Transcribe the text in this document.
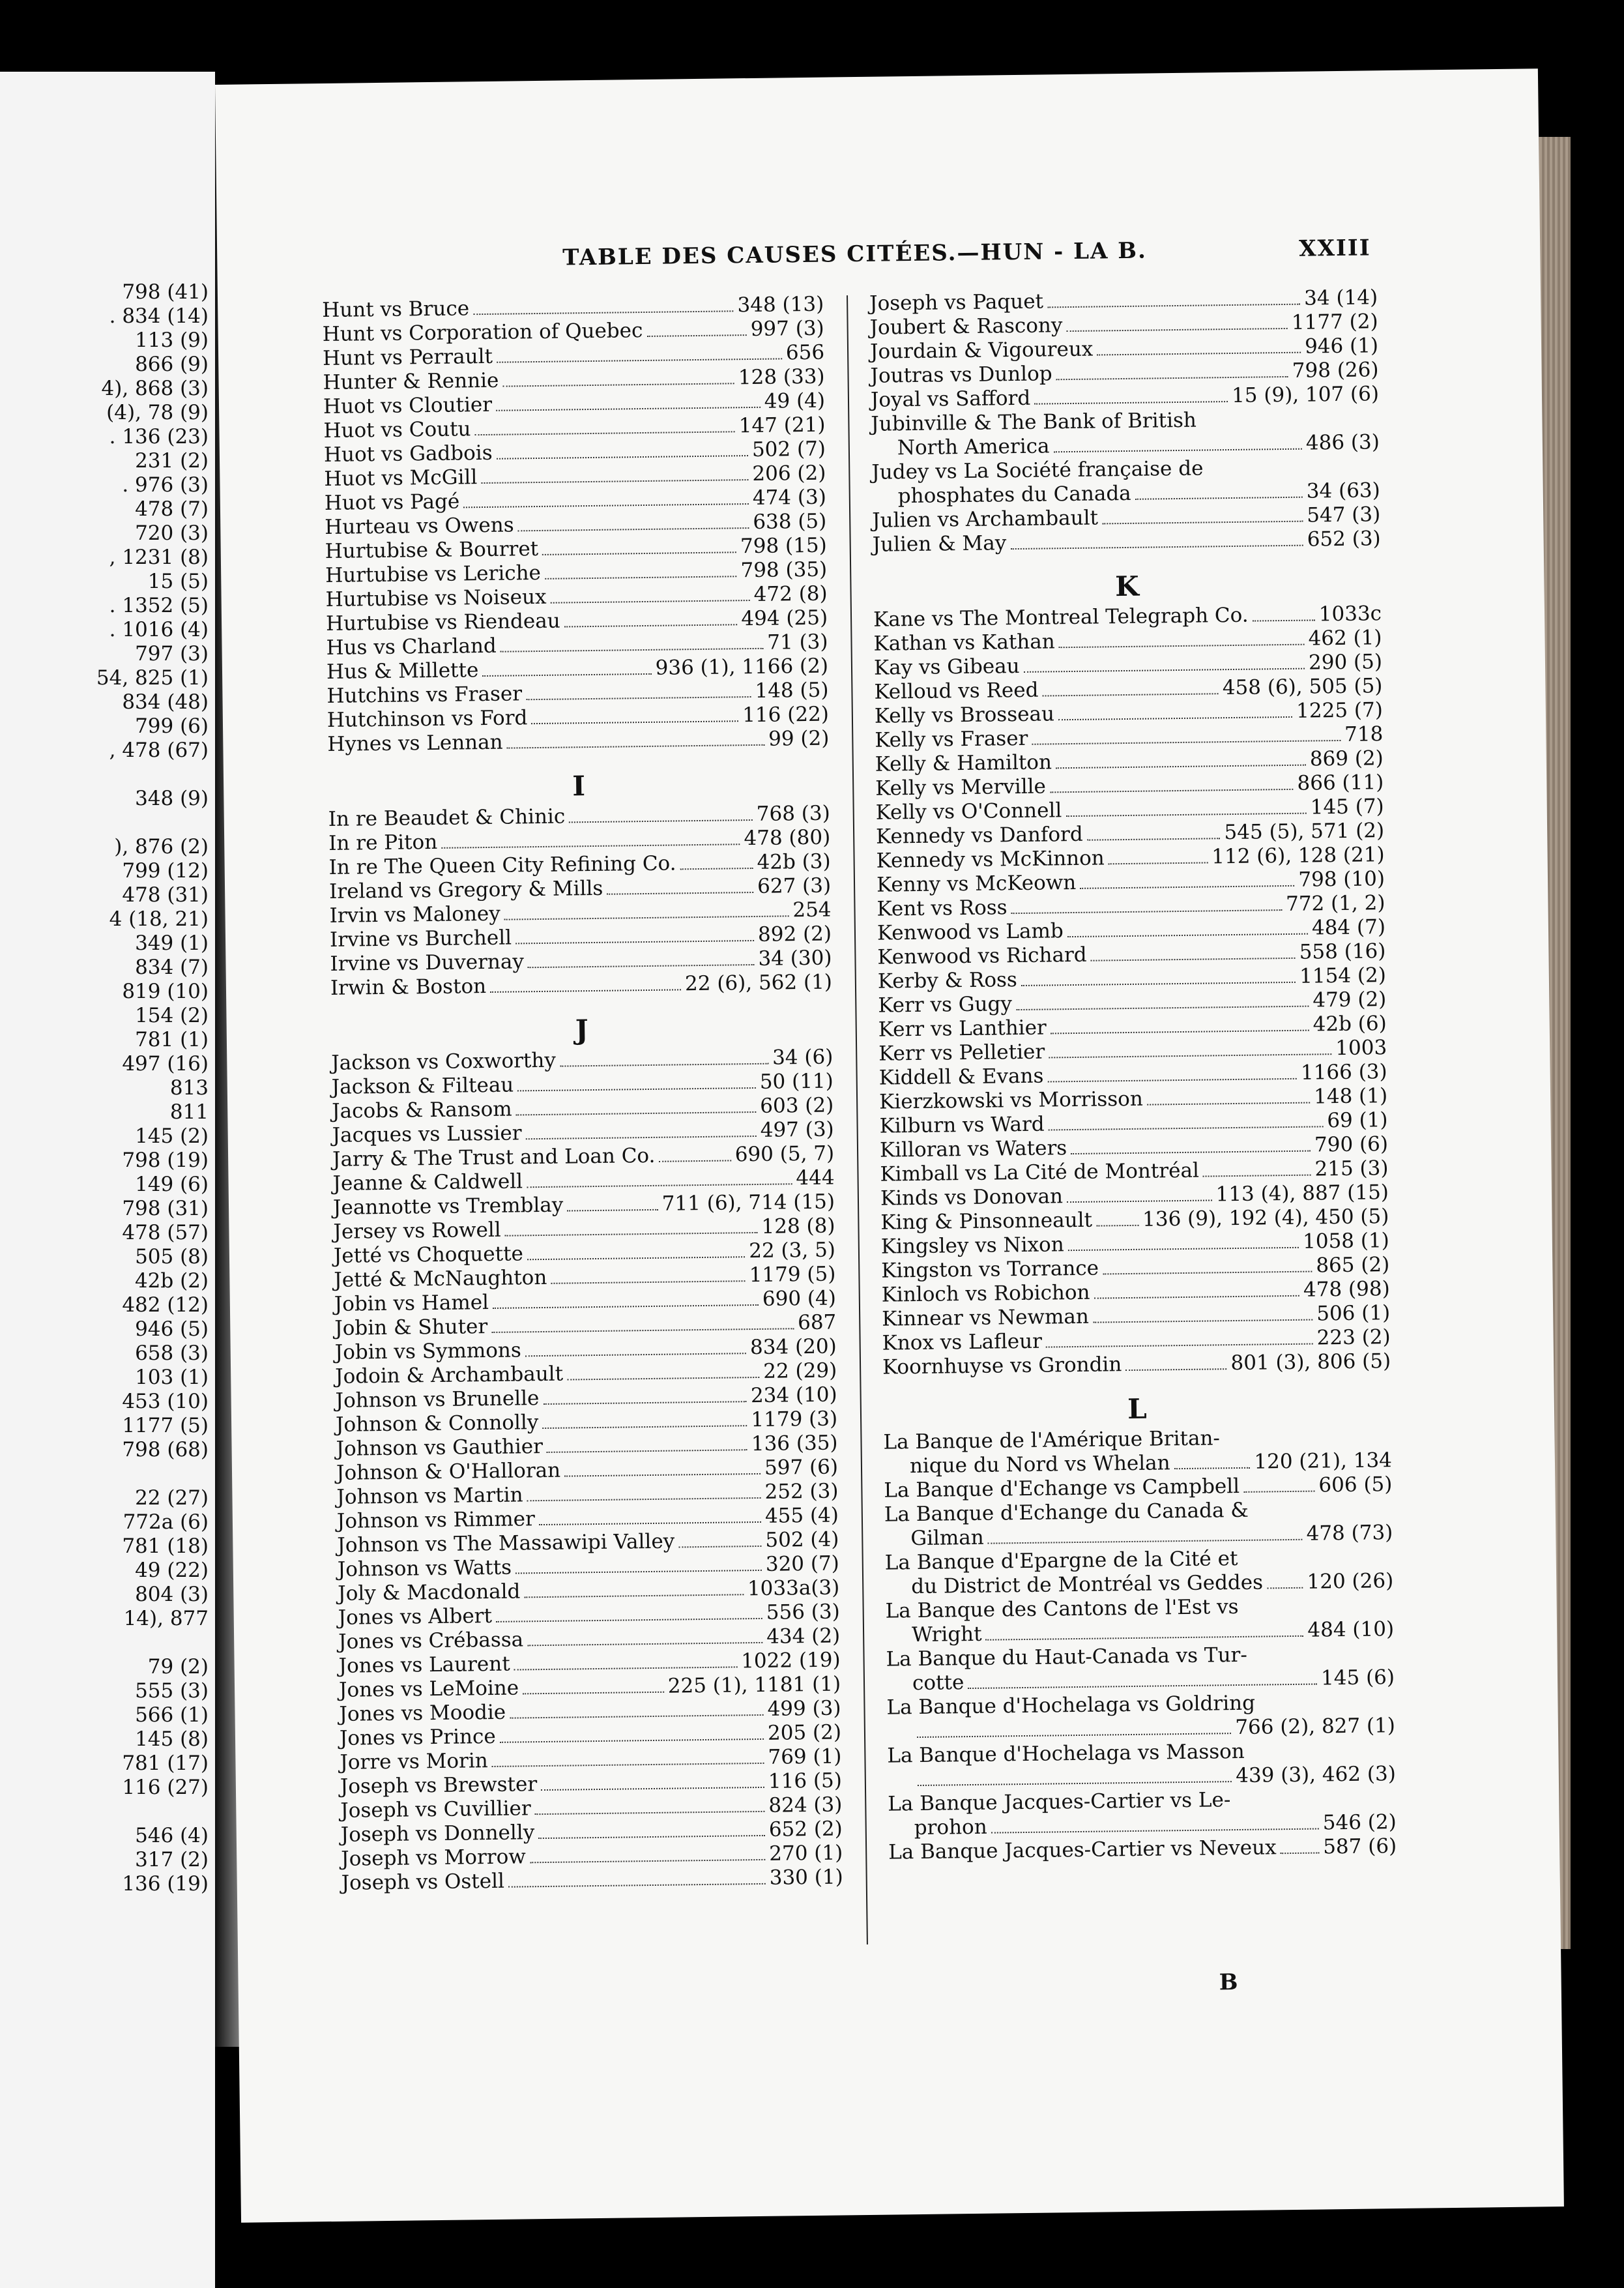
798 (41)
. 834 (14)
113 (9)
866 (9)
4), 868 (3)
(4), 78 (9)
. 136 (23)
231 (2)
. 976 (3)
478 (7)
720 (3)
, 1231 (8)
15 (5)
. 1352 (5)
. 1016 (4)
797 (3)
54, 825 (1)
834 (48)
799 (6)
, 478 (67)
348 (9)
), 876 (2)
799 (12)
478 (31)
4 (18, 21)
349 (1)
834 (7)
819 (10)
154 (2)
781 (1)
497 (16)
813
811
145 (2)
798 (19)
149 (6)
798 (31)
478 (57)
505 (8)
42b (2)
482 (12)
946 (5)
658 (3)
103 (1)
453 (10)
1177 (5)
798 (68)
22 (27)
772a (6)
781 (18)
49 (22)
804 (3)
14), 877
79 (2)
555 (3)
566 (1)
145 (8)
781 (17)
116 (27)
546 (4)
317 (2)
136 (19)
TABLE DES CAUSES CITÉES.—HUN - LA B.	XXIII
Hunt vs Bruce	348 (13)
Hunt vs Corporation of Quebec	997 (3)
Hunt vs Perrault	656
Hunter & Rennie	128 (33)
Huot vs Cloutier	49 (4)
Huot vs Coutu	147 (21)
Huot vs Gadbois	502 (7)
Huot vs McGill	206 (2)
Huot vs Pagé	474 (3)
Hurteau vs Owens	638 (5)
Hurtubise & Bourret	798 (15)
Hurtubise vs Leriche	798 (35)
Hurtubise vs Noiseux	472 (8)
Hurtubise vs Riendeau	494 (25)
Hus vs Charland	71 (3)
Hus & Millette	936 (1), 1166 (2)
Hutchins vs Fraser	148 (5)
Hutchinson vs Ford	116 (22)
Hynes vs Lennan	99 (2)
I
In re Beaudet & Chinic	768 (3)
In re Piton	478 (80)
In re The Queen City Refining Co.	42b (3)
Ireland vs Gregory & Mills	627 (3)
Irvin vs Maloney	254
Irvine vs Burchell	892 (2)
Irvine vs Duvernay	34 (30)
Irwin & Boston	22 (6), 562 (1)
J
Jackson vs Coxworthy	34 (6)
Jackson & Filteau	50 (11)
Jacobs & Ransom	603 (2)
Jacques vs Lussier	497 (3)
Jarry & The Trust and Loan Co.	690 (5, 7)
Jeanne & Caldwell	444
Jeannotte vs Tremblay	711 (6), 714 (15)
Jersey vs Rowell	128 (8)
Jetté vs Choquette	22 (3, 5)
Jetté & McNaughton	1179 (5)
Jobin vs Hamel	690 (4)
Jobin & Shuter	687
Jobin vs Symmons	834 (20)
Jodoin & Archambault	22 (29)
Johnson vs Brunelle	234 (10)
Johnson & Connolly	1179 (3)
Johnson vs Gauthier	136 (35)
Johnson & O'Halloran	597 (6)
Johnson vs Martin	252 (3)
Johnson vs Rimmer	455 (4)
Johnson vs The Massawipi Valley	502 (4)
Johnson vs Watts	320 (7)
Joly & Macdonald	1033a(3)
Jones vs Albert	556 (3)
Jones vs Crébassa	434 (2)
Jones vs Laurent	1022 (19)
Jones vs LeMoine	225 (1), 1181 (1)
Jones vs Moodie	499 (3)
Jones vs Prince	205 (2)
Jorre vs Morin	769 (1)
Joseph vs Brewster	116 (5)
Joseph vs Cuvillier	824 (3)
Joseph vs Donnelly	652 (2)
Joseph vs Morrow	270 (1)
Joseph vs Ostell	330 (1)
Joseph vs Paquet	34 (14)
Joubert & Rascony	1177 (2)
Jourdain & Vigoureux	946 (1)
Joutras vs Dunlop	798 (26)
Joyal vs Safford	15 (9), 107 (6)
Jubinville & The Bank of British
North America	486 (3)
Judey vs La Société française de
phosphates du Canada	34 (63)
Julien vs Archambault	547 (3)
Julien & May	652 (3)
K
Kane vs The Montreal Telegraph Co.	1033c
Kathan vs Kathan	462 (1)
Kay vs Gibeau	290 (5)
Kelloud vs Reed	458 (6), 505 (5)
Kelly vs Brosseau	1225 (7)
Kelly vs Fraser	718
Kelly & Hamilton	869 (2)
Kelly vs Merville	866 (11)
Kelly vs O'Connell	145 (7)
Kennedy vs Danford	545 (5), 571 (2)
Kennedy vs McKinnon	112 (6), 128 (21)
Kenny vs McKeown	798 (10)
Kent vs Ross	772 (1, 2)
Kenwood vs Lamb	484 (7)
Kenwood vs Richard	558 (16)
Kerby & Ross	1154 (2)
Kerr vs Gugy	479 (2)
Kerr vs Lanthier	42b (6)
Kerr vs Pelletier	1003
Kiddell & Evans	1166 (3)
Kierzkowski vs Morrisson	148 (1)
Kilburn vs Ward	69 (1)
Killoran vs Waters	790 (6)
Kimball vs La Cité de Montréal	215 (3)
Kinds vs Donovan	113 (4), 887 (15)
King & Pinsonneault 136 (9), 192 (4), 450 (5)
Kingsley vs Nixon	1058 (1)
Kingston vs Torrance	865 (2)
Kinloch vs Robichon	478 (98)
Kinnear vs Newman	506 (1)
Knox vs Lafleur	223 (2)
Koornhuyse vs Grondin	801 (3), 806 (5)
L
La Banque de l'Amérique Britan-
nique du Nord vs Whelan	120 (21), 134
La Banque d'Echange vs Campbell	606 (5)
La Banque d'Echange du Canada &
Gilman	478 (73)
La Banque d'Epargne de la Cité et
du District de Montréal vs Geddes 120 (26)
La Banque des Cantons de l'Est vs
Wright	484 (10)
La Banque du Haut-Canada vs Tur-
cotte	145 (6)
La Banque d'Hochelaga vs Goldring
766 (2), 827 (1)
La Banque d'Hochelaga vs Masson
439 (3), 462 (3)
La Banque Jacques-Cartier vs Le-
prohon	546 (2)
La Banque Jacques-Cartier vs Neveux 587 (6)
B
